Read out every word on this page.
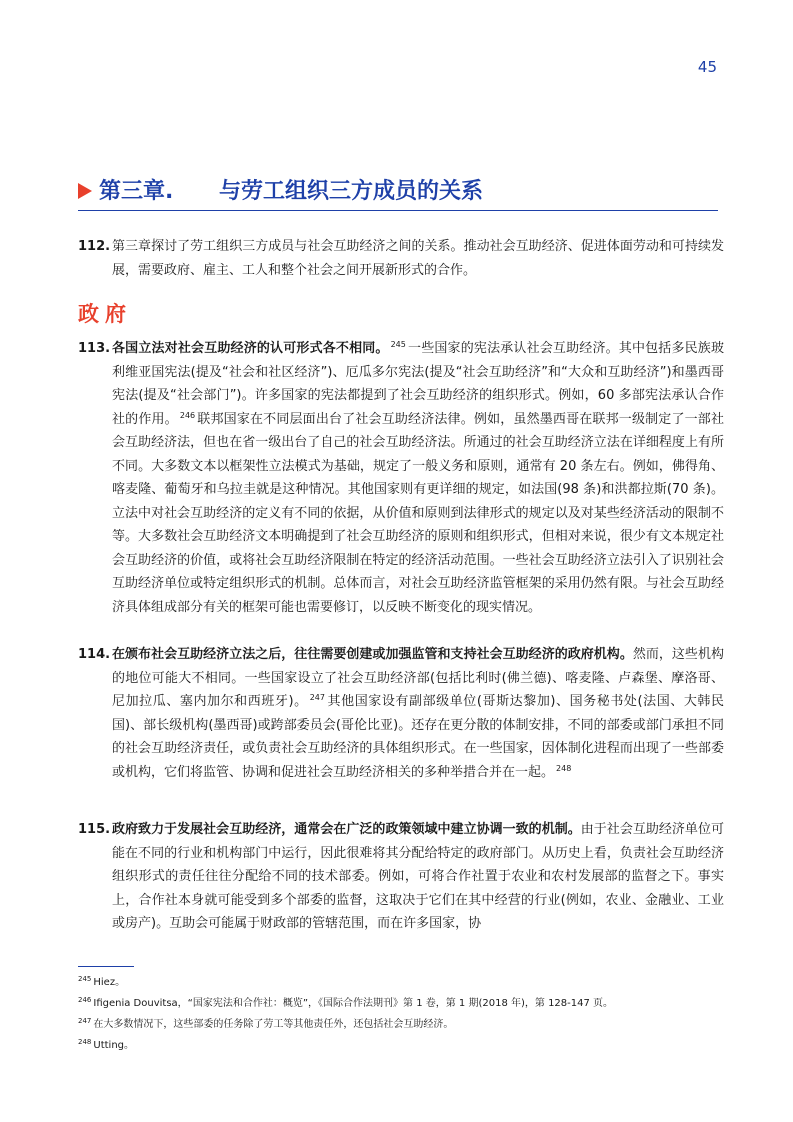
45
第三章. 与劳工组织三方成员的关系
112. 第三章探讨了劳工组织三方成员与社会互助经济之间的关系。推动社会互助经济、促进体面劳动和可持续发展，需要政府、雇主、工人和整个社会之间开展新形式的合作。
政府
113. 各国立法对社会互助经济的认可形式各不相同。 $^{245}$ 一些国家的宪法承认社会互助经济。其中包括多民族玻利维亚国宪法(提及“社会和社区经济”)、厄瓜多尔宪法(提及“社会互助经济”和“大众和互助经济”)和墨西哥宪法(提及“社会部门”)。许多国家的宪法都提到了社会互助经济的组织形式。例如，60 多部宪法承认合作社的作用。 $^{246}$ 联邦国家在不同层面出台了社会互助经济法律。例如，虽然墨西哥在联邦一级制定了一部社会互助经济法，但也在省一级出台了自己的社会互助经济法。所通过的社会互助经济立法在详细程度上有所不同。大多数文本以框架性立法模式为基础，规定了一般义务和原则，通常有 20 条左右。例如，佛得角、喀麦隆、葡萄牙和乌拉圭就是这种情况。其他国家则有更详细的规定，如法国(98 条)和洪都拉斯(70 条)。立法中对社会互助经济的定义有不同的依据，从价值和原则到法律形式的规定以及对某些经济活动的限制不等。大多数社会互助经济文本明确提到了社会互助经济的原则和组织形式，但相对来说，很少有文本规定社会互助经济的价值，或将社会互助经济限制在特定的经济活动范围。一些社会互助经济立法引入了识别社会互助经济单位或特定组织形式的机制。总体而言，对社会互助经济监管框架的采用仍然有限。与社会互助经济具体组成部分有关的框架可能也需要修订，以反映不断变化的现实情况。
114. 在颁布社会互助经济立法之后，往往需要创建或加强监管和支持社会互助经济的政府机构。然而，这些机构的地位可能大不相同。一些国家设立了社会互助经济部(包括比利时(佛兰德)、喀麦隆、卢森堡、摩洛哥、尼加拉瓜、塞内加尔和西班牙)。 $^{247}$ 其他国家设有副部级单位(哥斯达黎加)、国务秘书处(法国、大韩民国)、部长级机构(墨西哥)或跨部委员会(哥伦比亚)。还存在更分散的体制安排，不同的部委或部门承担不同的社会互助经济责任，或负责社会互助经济的具体组织形式。在一些国家，因体制化进程而出现了一些部委或机构，它们将监管、协调和促进社会互助经济相关的多种举措合并在一起。 $^{248}$
115. 政府致力于发展社会互助经济，通常会在广泛的政策领域中建立协调一致的机制。由于社会互助经济单位可能在不同的行业和机构部门中运行，因此很难将其分配给特定的政府部门。从历史上看，负责社会互助经济组织形式的责任往往分配给不同的技术部委。例如，可将合作社置于农业和农村发展部的监督之下。事实上，合作社本身就可能受到多个部委的监督，这取决于它们在其中经营的行业(例如，农业、金融业、工业或房产)。互助会可能属于财政部的管辖范围，而在许多国家，协
$^{245}$ Hiez。
$^{246}$ Ifigenia Douvitsa，“国家宪法和合作社：概览”，《国际合作法期刊》第 1 卷，第 1 期(2018 年)，第 128-147 页。
$^{247}$ 在大多数情况下，这些部委的任务除了劳工等其他责任外，还包括社会互助经济。
$^{248}$ Utting。
